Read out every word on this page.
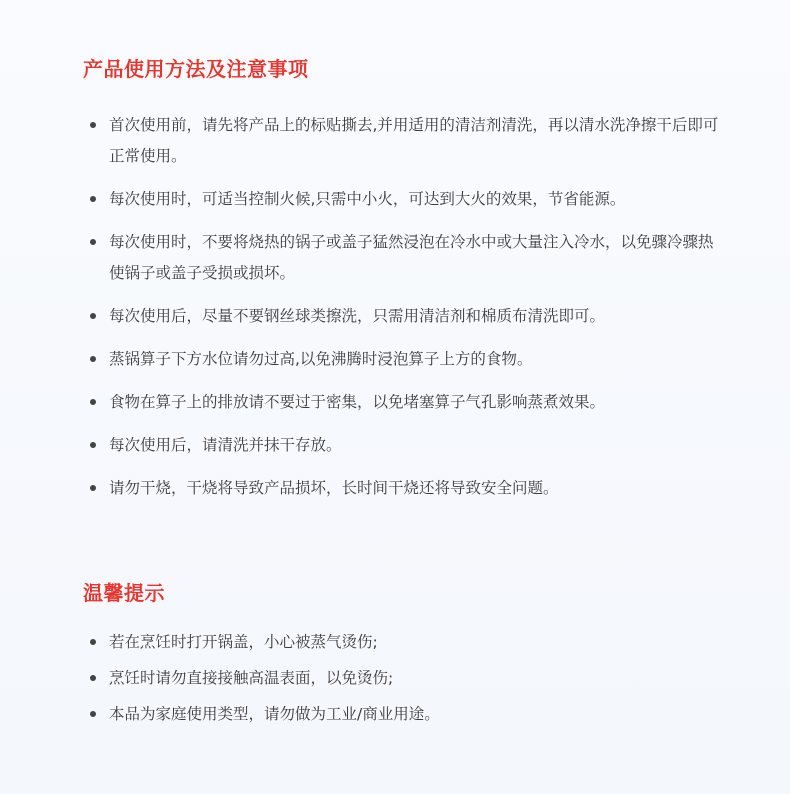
产品使用方法及注意事项
首次使用前，请先将产品上的标贴撕去,并用适用的清洁剂清洗，再以清水洗净擦干后即可正常使用。
每次使用时，可适当控制火候,只需中小火，可达到大火的效果，节省能源。
每次使用时，不要将烧热的锅子或盖子猛然浸泡在冷水中或大量注入冷水，以免骤冷骤热使锅子或盖子受损或损坏。
每次使用后，尽量不要钢丝球类擦洗，只需用清洁剂和棉质布清洗即可。
蒸锅算子下方水位请勿过高,以免沸腾时浸泡算子上方的食物。
食物在算子上的排放请不要过于密集，以免堵塞算子气孔影响蒸煮效果。
每次使用后，请清洗并抹干存放。
请勿干烧，干烧将导致产品损坏，长时间干烧还将导致安全问题。
温馨提示
若在烹饪时打开锅盖，小心被蒸气烫伤;
烹饪时请勿直接接触高温表面，以免烫伤;
本品为家庭使用类型，请勿做为工业/商业用途。
